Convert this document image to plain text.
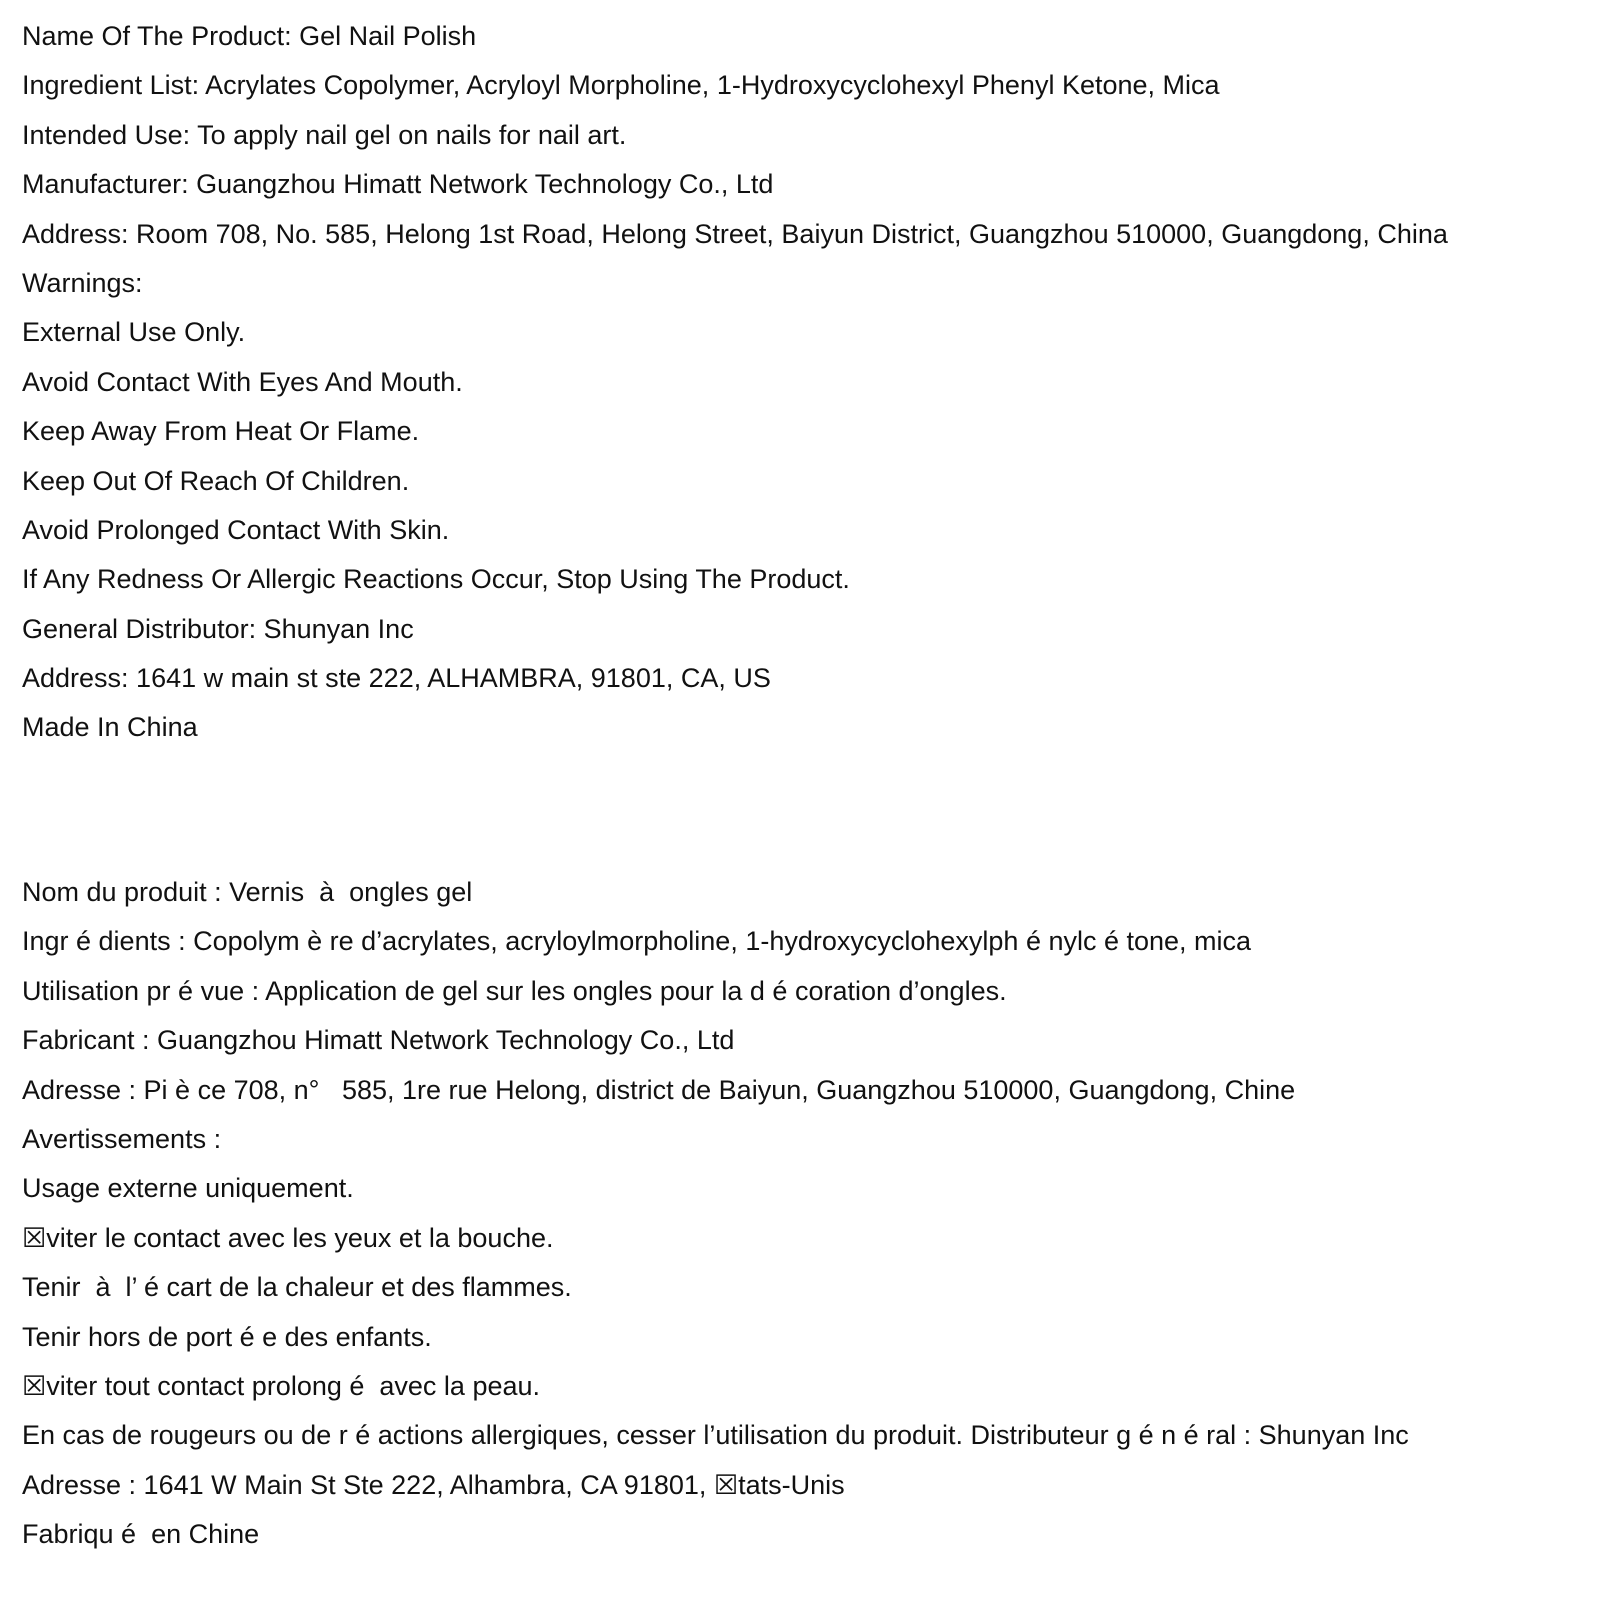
Name Of The Product: Gel Nail Polish
Ingredient List: Acrylates Copolymer, Acryloyl Morpholine, 1-Hydroxycyclohexyl Phenyl Ketone, Mica
Intended Use: To apply nail gel on nails for nail art.
Manufacturer: Guangzhou Himatt Network Technology Co., Ltd
Address: Room 708, No. 585, Helong 1st Road, Helong Street, Baiyun District, Guangzhou 510000, Guangdong, China
Warnings:
External Use Only.
Avoid Contact With Eyes And Mouth.
Keep Away From Heat Or Flame.
Keep Out Of Reach Of Children.
Avoid Prolonged Contact With Skin.
If Any Redness Or Allergic Reactions Occur, Stop Using The Product.
General Distributor: Shunyan Inc
Address: 1641 w main st ste 222, ALHAMBRA, 91801, CA, US
Made In China
Nom du produit : Vernis  à  ongles gel
Ingr é dients : Copolym è re d’acrylates, acryloylmorpholine, 1-hydroxycyclohexylph é nylc é tone, mica
Utilisation pr é vue : Application de gel sur les ongles pour la d é coration d’ongles.
Fabricant : Guangzhou Himatt Network Technology Co., Ltd
Adresse : Pi è ce 708, n°   585, 1re rue Helong, district de Baiyun, Guangzhou 510000, Guangdong, Chine
Avertissements :
Usage externe uniquement.
☒viter le contact avec les yeux et la bouche.
Tenir  à  l’ é cart de la chaleur et des flammes.
Tenir hors de port é e des enfants.
☒viter tout contact prolong é  avec la peau.
En cas de rougeurs ou de r é actions allergiques, cesser l’utilisation du produit. Distributeur g é n é ral : Shunyan Inc
Adresse : 1641 W Main St Ste 222, Alhambra, CA 91801, ☒tats-Unis
Fabriqu é  en Chine
